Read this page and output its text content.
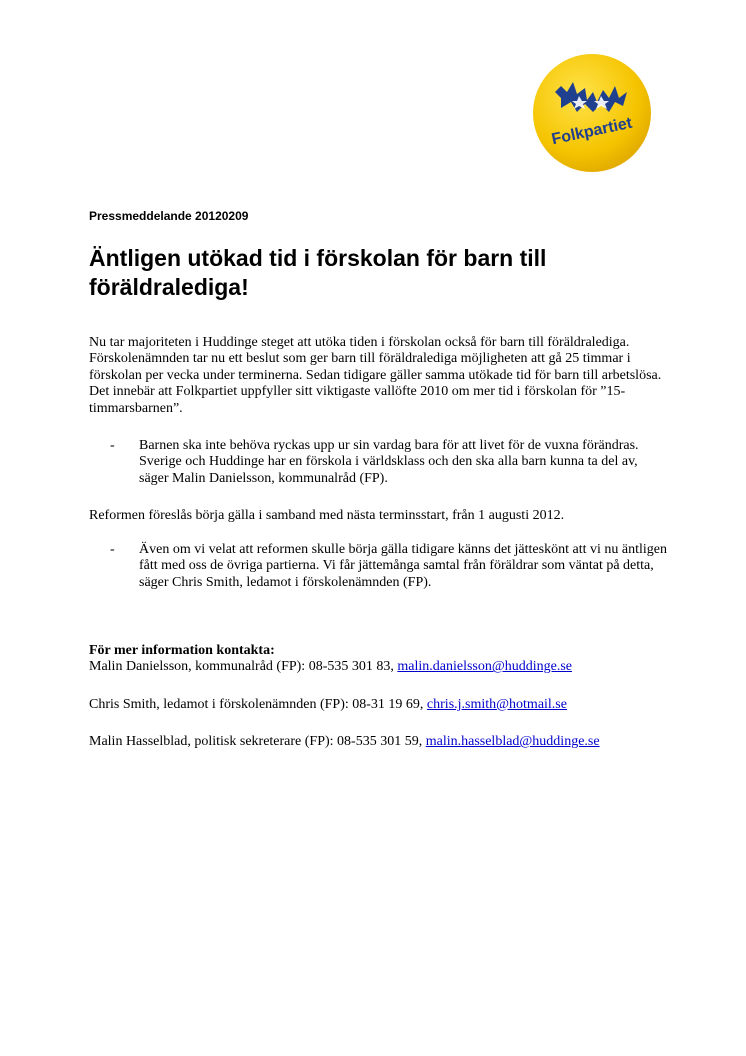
Folkpartiet
Pressmeddelande 20120209
Äntligen utökad tid i förskolan för barn till föräldralediga!

Nu tar majoriteten i Huddinge steget att utöka tiden i förskolan också för barn till föräldralediga. Förskolenämnden tar nu ett beslut som ger barn till föräldralediga möjligheten att gå 25 timmar i förskolan per vecka under terminerna. Sedan tidigare gäller samma utökade tid för barn till arbetslösa. Det innebär att Folkpartiet uppfyller sitt viktigaste vallöfte 2010 om mer tid i förskolan för ”15-timmarsbarnen”.

- Barnen ska inte behöva ryckas upp ur sin vardag bara för att livet för de vuxna förändras. Sverige och Huddinge har en förskola i världsklass och den ska alla barn kunna ta del av, säger Malin Danielsson, kommunalråd (FP).

Reformen föreslås börja gälla i samband med nästa terminsstart, från 1 augusti 2012.

- Även om vi velat att reformen skulle börja gälla tidigare känns det jätteskönt att vi nu äntligen fått med oss de övriga partierna. Vi får jättemånga samtal från föräldrar som väntat på detta, säger Chris Smith, ledamot i förskolenämnden (FP).
För mer information kontakta:
Malin Danielsson, kommunalråd (FP): 08-535 301 83, malin.danielsson@huddinge.se
Chris Smith, ledamot i förskolenämnden (FP): 08-31 19 69, chris.j.smith@hotmail.se
Malin Hasselblad, politisk sekreterare (FP): 08-535 301 59, malin.hasselblad@huddinge.se
